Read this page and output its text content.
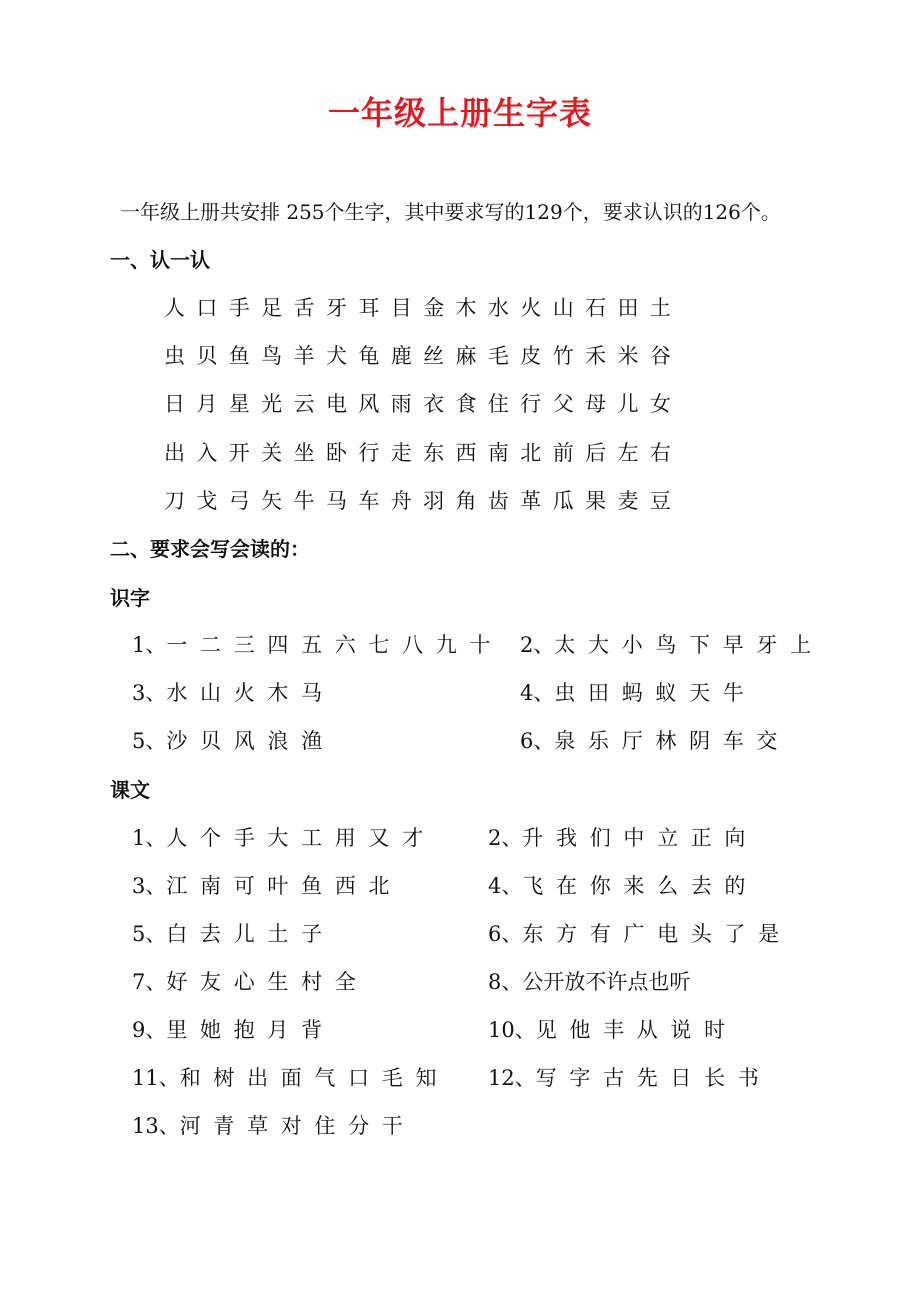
一年级上册生字表
一年级上册共安排 255个生字，其中要求写的129个，要求认识的126个。
一、认一认
人 口 手 足 舌 牙 耳 目 金 木 水 火 山 石 田 土
虫 贝 鱼 鸟 羊 犬 龟 鹿 丝 麻 毛 皮 竹 禾 米 谷
日 月 星 光 云 电 风 雨 衣 食 住 行 父 母 儿 女
出 入 开 关 坐 卧 行 走 东 西 南 北 前 后 左 右
刀 戈 弓 矢 牛 马 车 舟 羽 角 齿 革 瓜 果 麦 豆
二、要求会写会读的：
识字
1、一 二 三 四 五 六 七 八 九 十 2、太 大 小 鸟 下 早 牙 上
3、水 山 火 木 马	4、虫 田 蚂 蚁 天 牛
5、沙 贝 风 浪 渔	6、泉 乐 厅 林 阴 车 交
课文
1、人 个 手 大 工 用 又 才	2、升 我 们 中 立 正 向
3、江 南 可 叶 鱼 西 北	4、飞 在 你 来 么 去 的
5、白 去 儿 土 子	6、东 方 有 广 电 头 了 是
7、好 友 心 生 村 全	8、公开放不许点也听
9、里 她 抱 月 背	10、见 他 丰 从 说 时
11、和 树 出 面 气 口 毛 知 12、写 字 古 先 日 长 书
13、河 青 草 对 住 分 干
